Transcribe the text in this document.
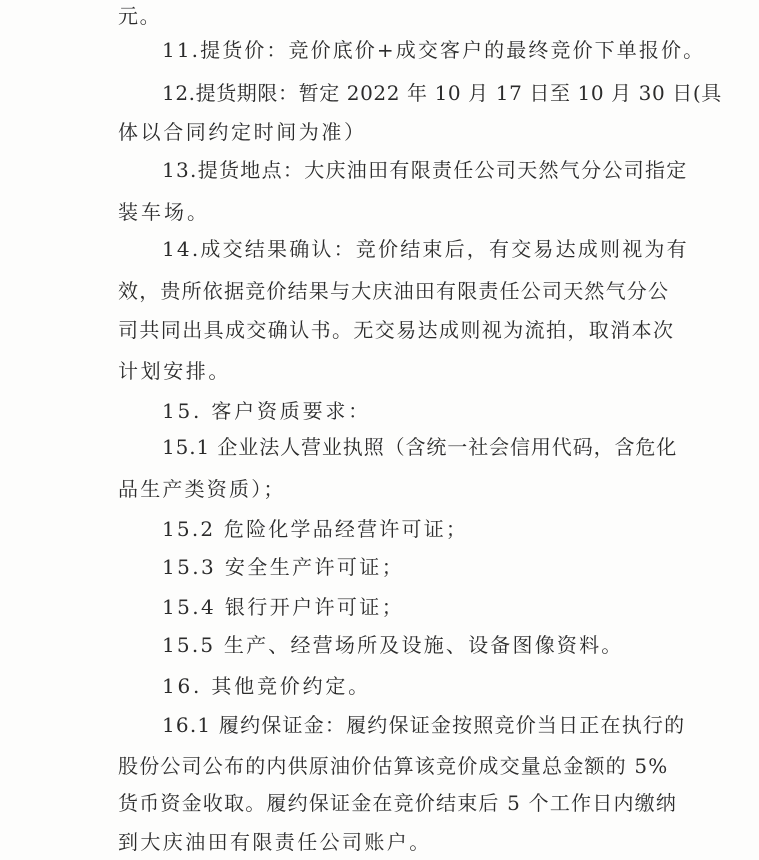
元。
11.提货价：竞价底价+成交客户的最终竞价下单报价。
12.提货期限：暂定 2022 年 10 月 17 日至 10 月 30 日(具
体以合同约定时间为准）
13.提货地点：大庆油田有限责任公司天然气分公司指定
装车场。
14.成交结果确认：竞价结束后，有交易达成则视为有
效，贵所依据竞价结果与大庆油田有限责任公司天然气分公
司共同出具成交确认书。无交易达成则视为流拍，取消本次
计划安排。
15. 客户资质要求：
15.1 企业法人营业执照（含统一社会信用代码，含危化
品生产类资质）；
15.2 危险化学品经营许可证；
15.3 安全生产许可证；
15.4 银行开户许可证；
15.5 生产、经营场所及设施、设备图像资料。
16. 其他竞价约定。
16.1 履约保证金：履约保证金按照竞价当日正在执行的
股份公司公布的内供原油价估算该竞价成交量总金额的 5%
货币资金收取。履约保证金在竞价结束后 5 个工作日内缴纳
到大庆油田有限责任公司账户。
